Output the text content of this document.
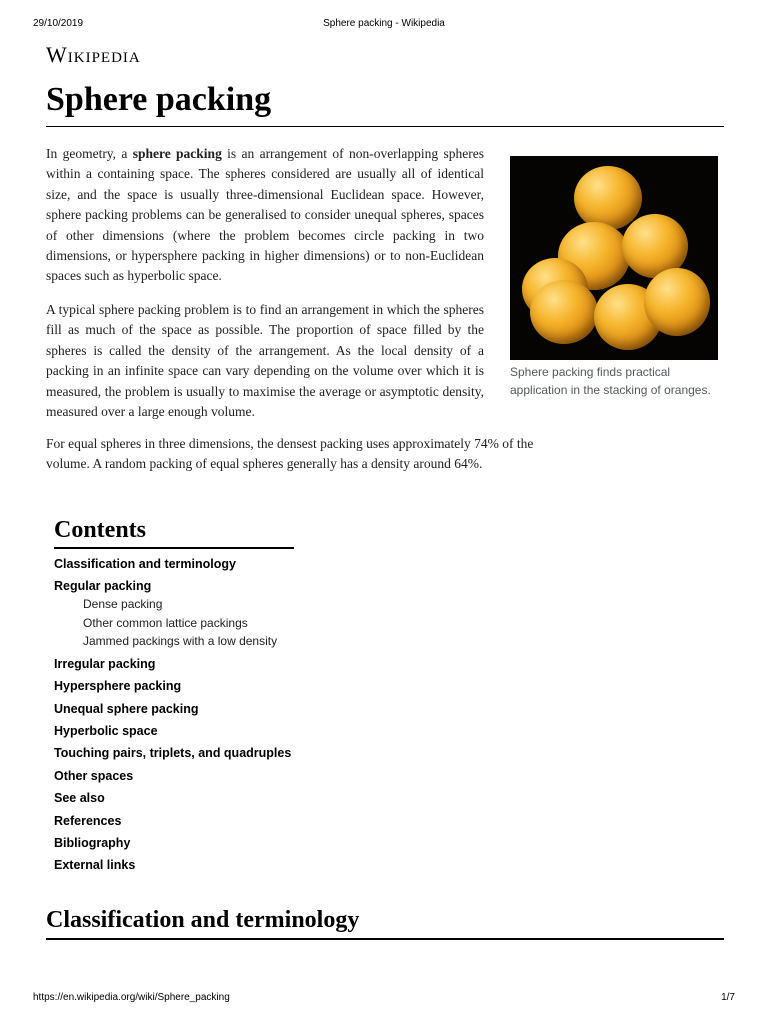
29/10/2019	Sphere packing - Wikipedia
Wikipedia
Sphere packing

In geometry, a sphere packing is an arrangement of non-overlapping spheres within a containing space. The spheres considered are usually all of identical size, and the space is usually three-dimensional Euclidean space. However, sphere packing problems can be generalised to consider unequal spheres, spaces of other dimensions (where the problem becomes circle packing in two dimensions, or hypersphere packing in higher dimensions) or to non-Euclidean spaces such as hyperbolic space.

A typical sphere packing problem is to find an arrangement in which the spheres fill as much of the space as possible. The proportion of space filled by the spheres is called the density of the arrangement. As the local density of a packing in an infinite space can vary depending on the volume over which it is measured, the problem is usually to maximise the average or asymptotic density, measured over a large enough volume.

For equal spheres in three dimensions, the densest packing uses approximately 74% of the volume. A random packing of equal spheres generally has a density around 64%.

Sphere packing finds practical application in the stacking of oranges.
Contents
Classification and terminology
Regular packing
Dense packing
Other common lattice packings
Jammed packings with a low density
Irregular packing
Hypersphere packing
Unequal sphere packing
Hyperbolic space
Touching pairs, triplets, and quadruples
Other spaces
See also
References
Bibliography
External links
Classification and terminology
https://en.wikipedia.org/wiki/Sphere_packing	1/7
